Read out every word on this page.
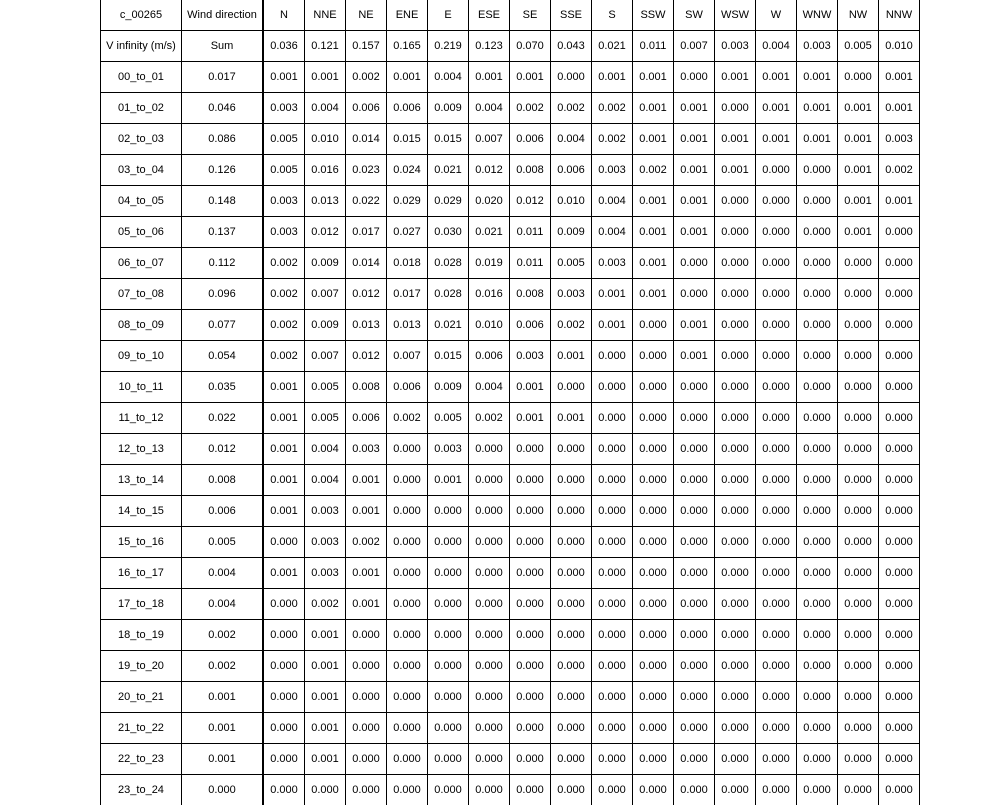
c_00265	Wind direction	N	NNE	NE	ENE	E	ESE	SE	SSE	S	SSW	SW	WSW	W	WNW	NW	NNW
V infinity (m/s)	Sum	0.036	0.121	0.157	0.165	0.219	0.123	0.070	0.043	0.021	0.011	0.007	0.003	0.004	0.003	0.005	0.010
00_to_01	0.017	0.001	0.001	0.002	0.001	0.004	0.001	0.001	0.000	0.001	0.001	0.000	0.001	0.001	0.001	0.000	0.001
01_to_02	0.046	0.003	0.004	0.006	0.006	0.009	0.004	0.002	0.002	0.002	0.001	0.001	0.000	0.001	0.001	0.001	0.001
02_to_03	0.086	0.005	0.010	0.014	0.015	0.015	0.007	0.006	0.004	0.002	0.001	0.001	0.001	0.001	0.001	0.001	0.003
03_to_04	0.126	0.005	0.016	0.023	0.024	0.021	0.012	0.008	0.006	0.003	0.002	0.001	0.001	0.000	0.000	0.001	0.002
04_to_05	0.148	0.003	0.013	0.022	0.029	0.029	0.020	0.012	0.010	0.004	0.001	0.001	0.000	0.000	0.000	0.001	0.001
05_to_06	0.137	0.003	0.012	0.017	0.027	0.030	0.021	0.011	0.009	0.004	0.001	0.001	0.000	0.000	0.000	0.001	0.000
06_to_07	0.112	0.002	0.009	0.014	0.018	0.028	0.019	0.011	0.005	0.003	0.001	0.000	0.000	0.000	0.000	0.000	0.000
07_to_08	0.096	0.002	0.007	0.012	0.017	0.028	0.016	0.008	0.003	0.001	0.001	0.000	0.000	0.000	0.000	0.000	0.000
08_to_09	0.077	0.002	0.009	0.013	0.013	0.021	0.010	0.006	0.002	0.001	0.000	0.001	0.000	0.000	0.000	0.000	0.000
09_to_10	0.054	0.002	0.007	0.012	0.007	0.015	0.006	0.003	0.001	0.000	0.000	0.001	0.000	0.000	0.000	0.000	0.000
10_to_11	0.035	0.001	0.005	0.008	0.006	0.009	0.004	0.001	0.000	0.000	0.000	0.000	0.000	0.000	0.000	0.000	0.000
11_to_12	0.022	0.001	0.005	0.006	0.002	0.005	0.002	0.001	0.001	0.000	0.000	0.000	0.000	0.000	0.000	0.000	0.000
12_to_13	0.012	0.001	0.004	0.003	0.000	0.003	0.000	0.000	0.000	0.000	0.000	0.000	0.000	0.000	0.000	0.000	0.000
13_to_14	0.008	0.001	0.004	0.001	0.000	0.001	0.000	0.000	0.000	0.000	0.000	0.000	0.000	0.000	0.000	0.000	0.000
14_to_15	0.006	0.001	0.003	0.001	0.000	0.000	0.000	0.000	0.000	0.000	0.000	0.000	0.000	0.000	0.000	0.000	0.000
15_to_16	0.005	0.000	0.003	0.002	0.000	0.000	0.000	0.000	0.000	0.000	0.000	0.000	0.000	0.000	0.000	0.000	0.000
16_to_17	0.004	0.001	0.003	0.001	0.000	0.000	0.000	0.000	0.000	0.000	0.000	0.000	0.000	0.000	0.000	0.000	0.000
17_to_18	0.004	0.000	0.002	0.001	0.000	0.000	0.000	0.000	0.000	0.000	0.000	0.000	0.000	0.000	0.000	0.000	0.000
18_to_19	0.002	0.000	0.001	0.000	0.000	0.000	0.000	0.000	0.000	0.000	0.000	0.000	0.000	0.000	0.000	0.000	0.000
19_to_20	0.002	0.000	0.001	0.000	0.000	0.000	0.000	0.000	0.000	0.000	0.000	0.000	0.000	0.000	0.000	0.000	0.000
20_to_21	0.001	0.000	0.001	0.000	0.000	0.000	0.000	0.000	0.000	0.000	0.000	0.000	0.000	0.000	0.000	0.000	0.000
21_to_22	0.001	0.000	0.001	0.000	0.000	0.000	0.000	0.000	0.000	0.000	0.000	0.000	0.000	0.000	0.000	0.000	0.000
22_to_23	0.001	0.000	0.001	0.000	0.000	0.000	0.000	0.000	0.000	0.000	0.000	0.000	0.000	0.000	0.000	0.000	0.000
23_to_24	0.000	0.000	0.000	0.000	0.000	0.000	0.000	0.000	0.000	0.000	0.000	0.000	0.000	0.000	0.000	0.000	0.000
